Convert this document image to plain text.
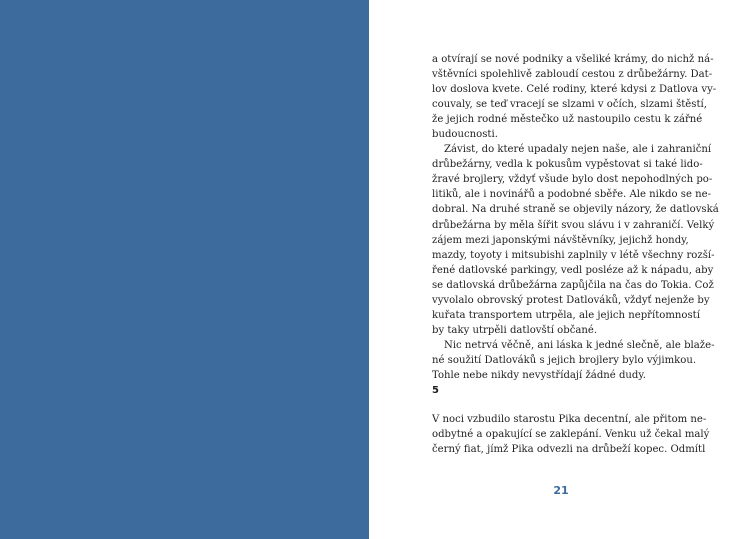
a otvírají se nové podniky a všeliké krámy, do nichž ná-
vštěvníci spolehlivě zabloudí cestou z drůbežárny. Dat-
lov doslova kvete. Celé rodiny, které kdysi z Datlova vy-
couvaly, se teď vracejí se slzami v očích, slzami štěstí,
že jejich rodné městečko už nastoupilo cestu k zářné
budoucnosti.
Závist, do které upadaly nejen naše, ale i zahraniční
drůbežárny, vedla k pokusům vypěstovat si také lido-
žravé brojlery, vždyť všude bylo dost nepohodlných po-
litiků, ale i novinářů a podobné sběře. Ale nikdo se ne-
dobral. Na druhé straně se objevily názory, že datlovská
drůbežárna by měla šířit svou slávu i v zahraničí. Velký
zájem mezi japonskými návštěvníky, jejichž hondy,
mazdy, toyoty i mitsubishi zaplnily v létě všechny rozší-
řené datlovské parkingy, vedl posléze až k nápadu, aby
se datlovská drůbežárna zapůjčila na čas do Tokia. Což
vyvolalo obrovský protest Datlováků, vždyť nejenže by
kuřata transportem utrpěla, ale jejich nepřítomností
by taky utrpěli datlovští občané.
Nic netrvá věčně, ani láska k jedné slečně, ale blaže-
né soužití Datlováků s jejich brojlery bylo výjimkou.
Tohle nebe nikdy nevystřídají žádné dudy.
5
V noci vzbudilo starostu Pika decentní, ale přitom ne-
odbytné a opakující se zaklepání. Venku už čekal malý
černý fiat, jímž Pika odvezli na drůbeží kopec. Odmítl
21
